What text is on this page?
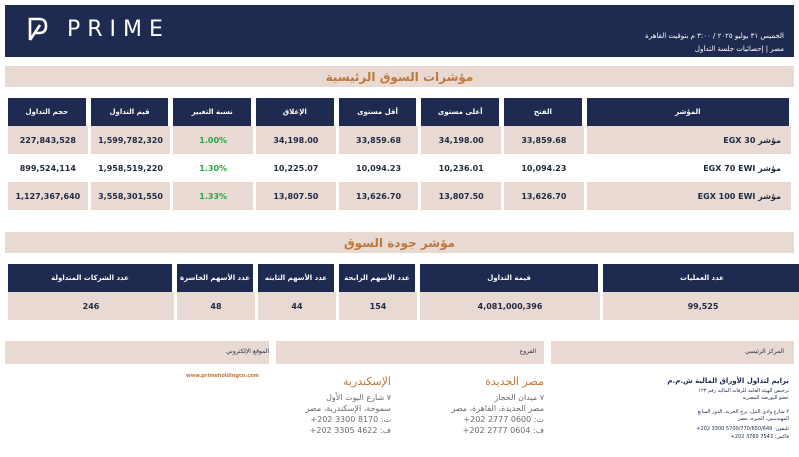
PRIME	الخميس ٣١ يوليو ٢٠٢٥ / ٣:٠٠ م بتوقيت القاهرة
مصر | إحصائيات جلسة التداول
مؤشرات السوق الرئيسية
حجم التداول	قيم التداول	نسبة التغيير	الإغلاق	أقل مستوى	أعلى مستوى	الفتح	المؤشر
227,843,528	1,599,782,320	1.00%	34,198.00	33,859.68	34,198.00	33,859.68	مؤشر EGX 30
899,524,114	1,958,519,220	1.30%	10,225.07	10,094.23	10,236.01	10,094.23	مؤشر EGX 70 EWI
1,127,367,640	3,558,301,550	1.33%	13,807.50	13,626.70	13,807.50	13,626.70	مؤشر EGX 100 EWI
مؤشر جودة السوق
عدد الشركات المتداولة	عدد الأسهم الخاسرة	عدد الأسهم الثابته	عدد الأسهم الرابحة	قيمة التداول	عدد العمليات
246	48	44	154	4,081,000,396	99,525
الموقع الإلكتروني	الفروع	المركز الرئيسي
www.primeholdingco.com	الإسكندرية
٧ شارع اليوت الأول
سموحة، الإسكندرية، مصر
ت: 8170 3300 202+
ف: 4622 3305 202+
مصر الجديدة
٧ ميدان الحجاز
مصر الجديدة، القاهرة، مصر
ت: 0600 2777 202+
ف: 0604 2777 202+
برايم لتداول الأوراق المالية ش.م.م
ترخيص الهيئة العامة للرقابة المالية رقم ١٢٣
عضو البورصة المصرية
٢ شارع وادي النيل، برج الحرية، الدور السابع
المهندسين، الجيزة، مصر
تليفون: 5700/770/650/649 3300 202+
فاكس: 7543 3760 202+
